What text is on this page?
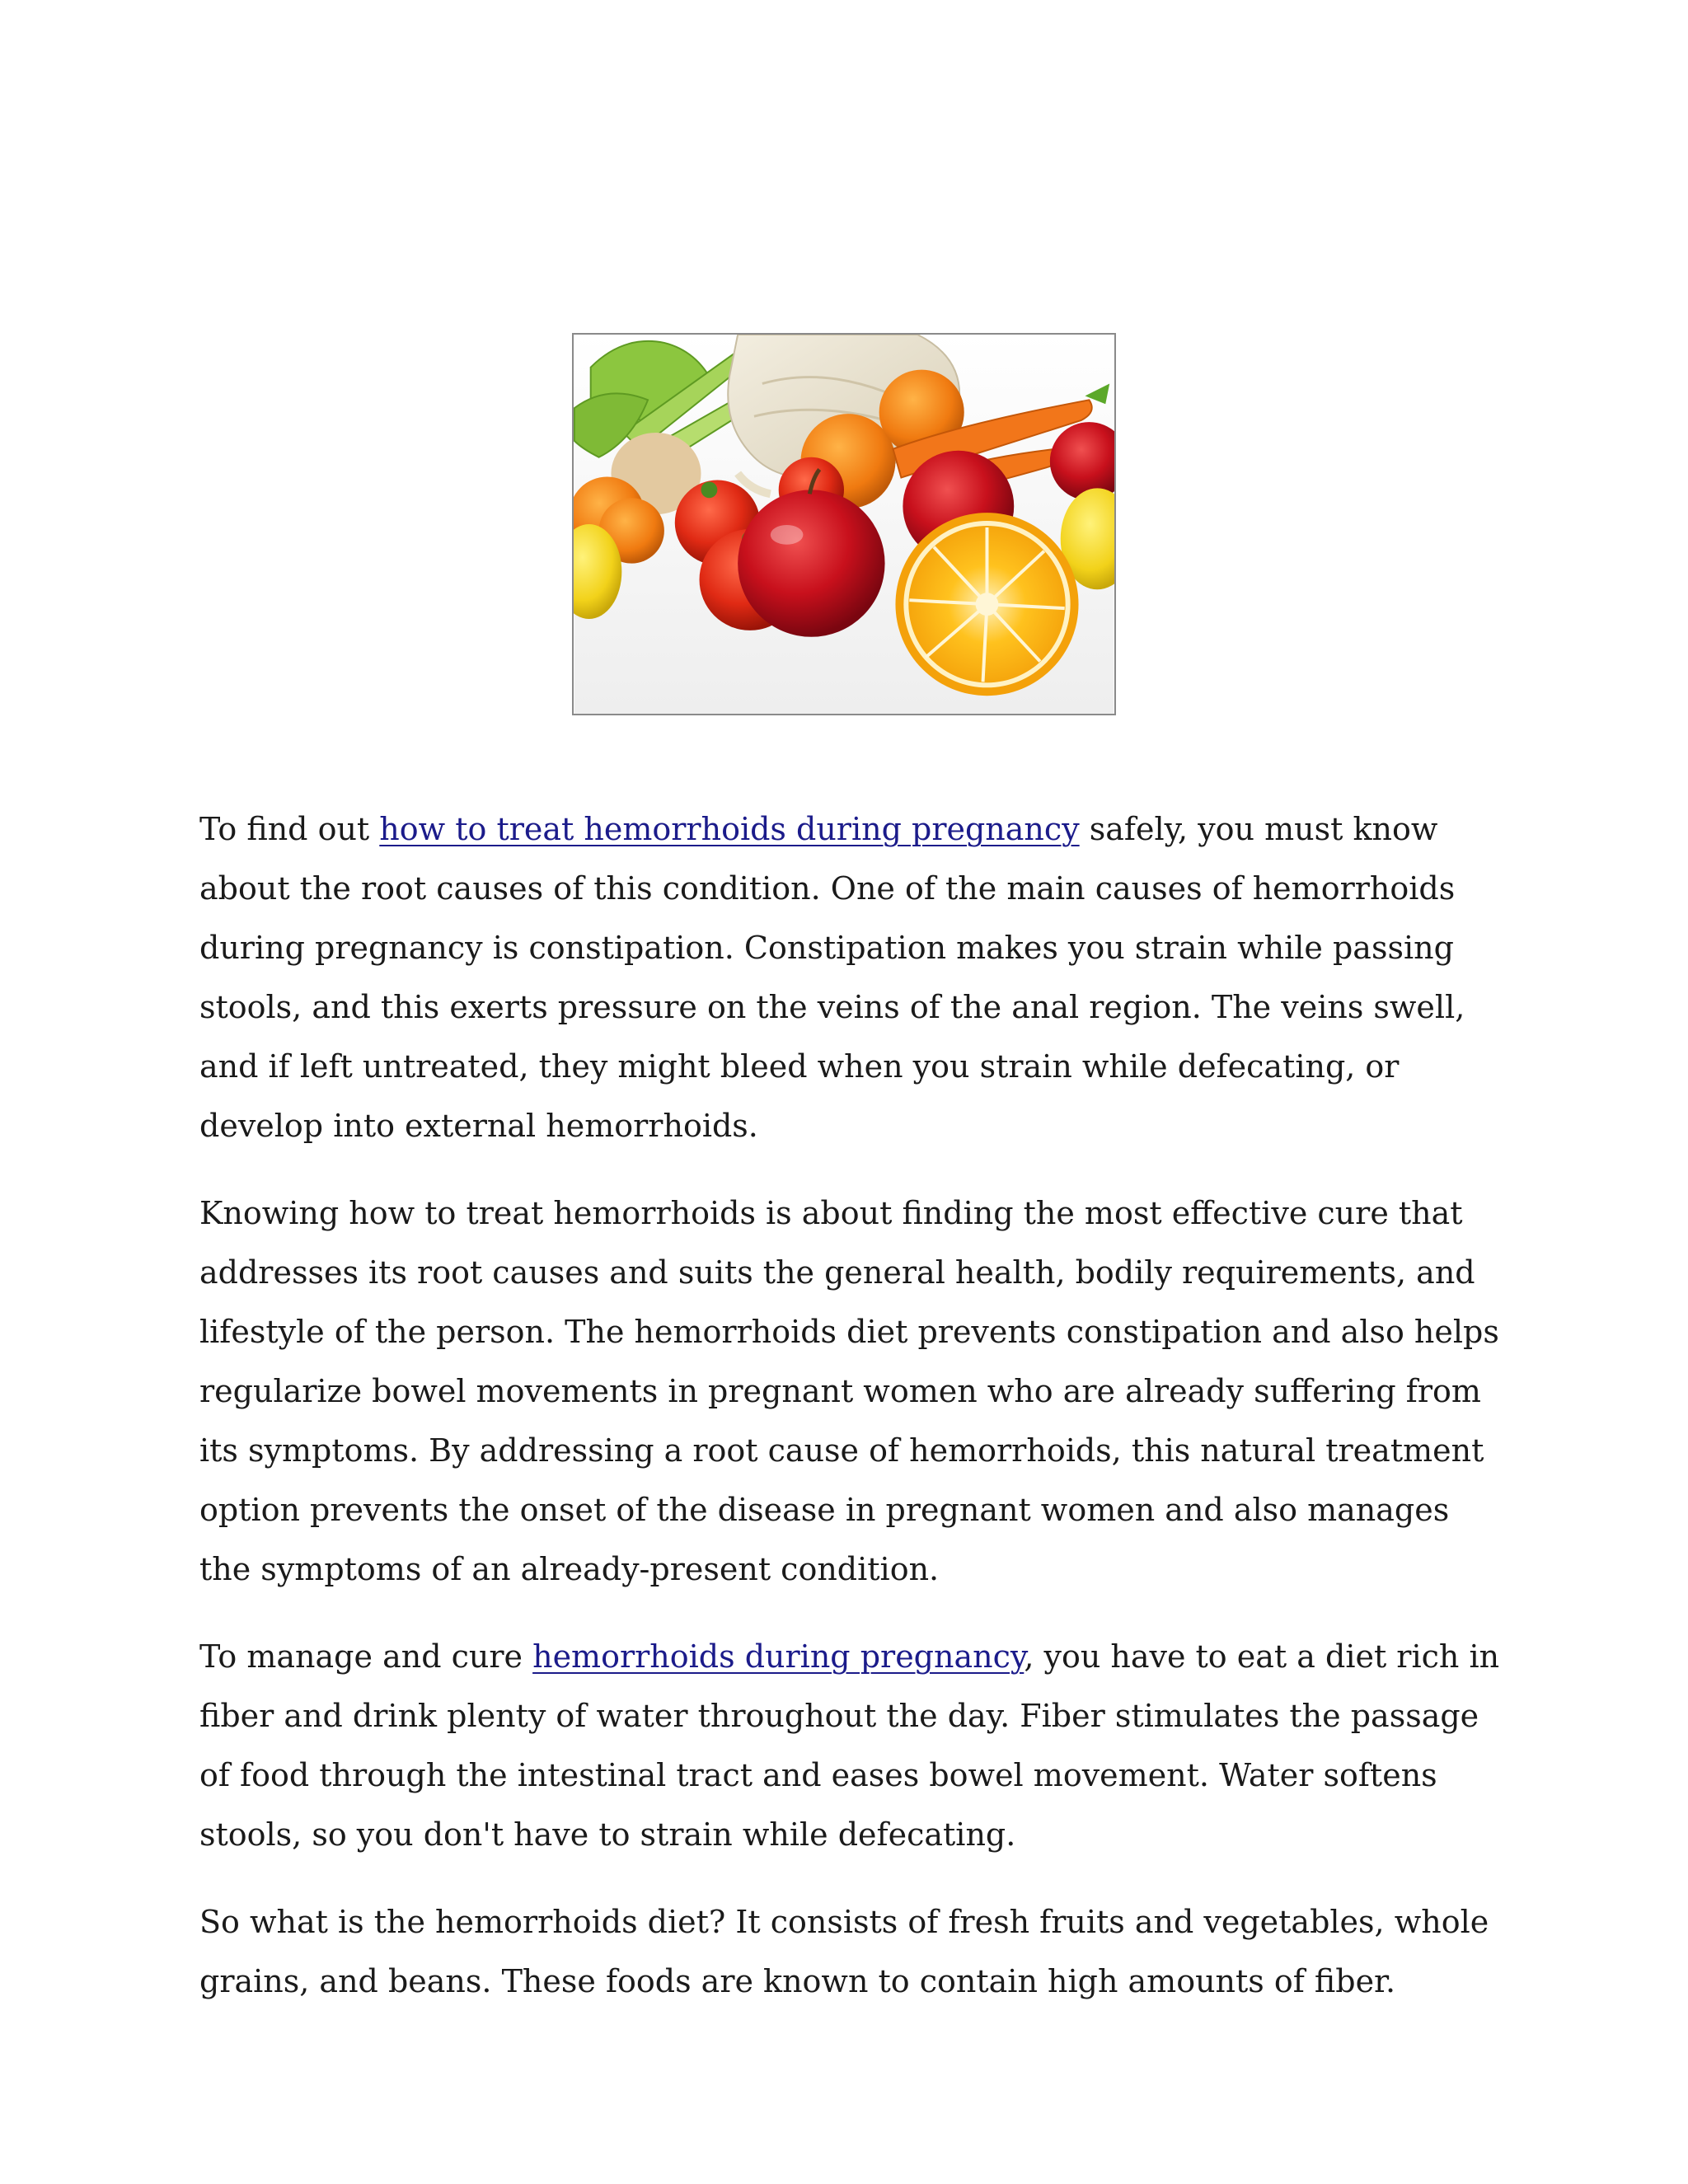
To find out how to treat hemorrhoids during pregnancy safely, you must know about the root causes of this condition. One of the main causes of hemorrhoids during pregnancy is constipation. Constipation makes you strain while passing stools, and this exerts pressure on the veins of the anal region. The veins swell, and if left untreated, they might bleed when you strain while defecating, or develop into external hemorrhoids.

Knowing how to treat hemorrhoids is about finding the most effective cure that addresses its root causes and suits the general health, bodily requirements, and lifestyle of the person. The hemorrhoids diet prevents constipation and also helps regularize bowel movements in pregnant women who are already suffering from its symptoms. By addressing a root cause of hemorrhoids, this natural treatment option prevents the onset of the disease in pregnant women and also manages the symptoms of an already-present condition.

To manage and cure hemorrhoids during pregnancy, you have to eat a diet rich in fiber and drink plenty of water throughout the day. Fiber stimulates the passage of food through the intestinal tract and eases bowel movement. Water softens stools, so you don't have to strain while defecating.

So what is the hemorrhoids diet? It consists of fresh fruits and vegetables, whole grains, and beans. These foods are known to contain high amounts of fiber.
